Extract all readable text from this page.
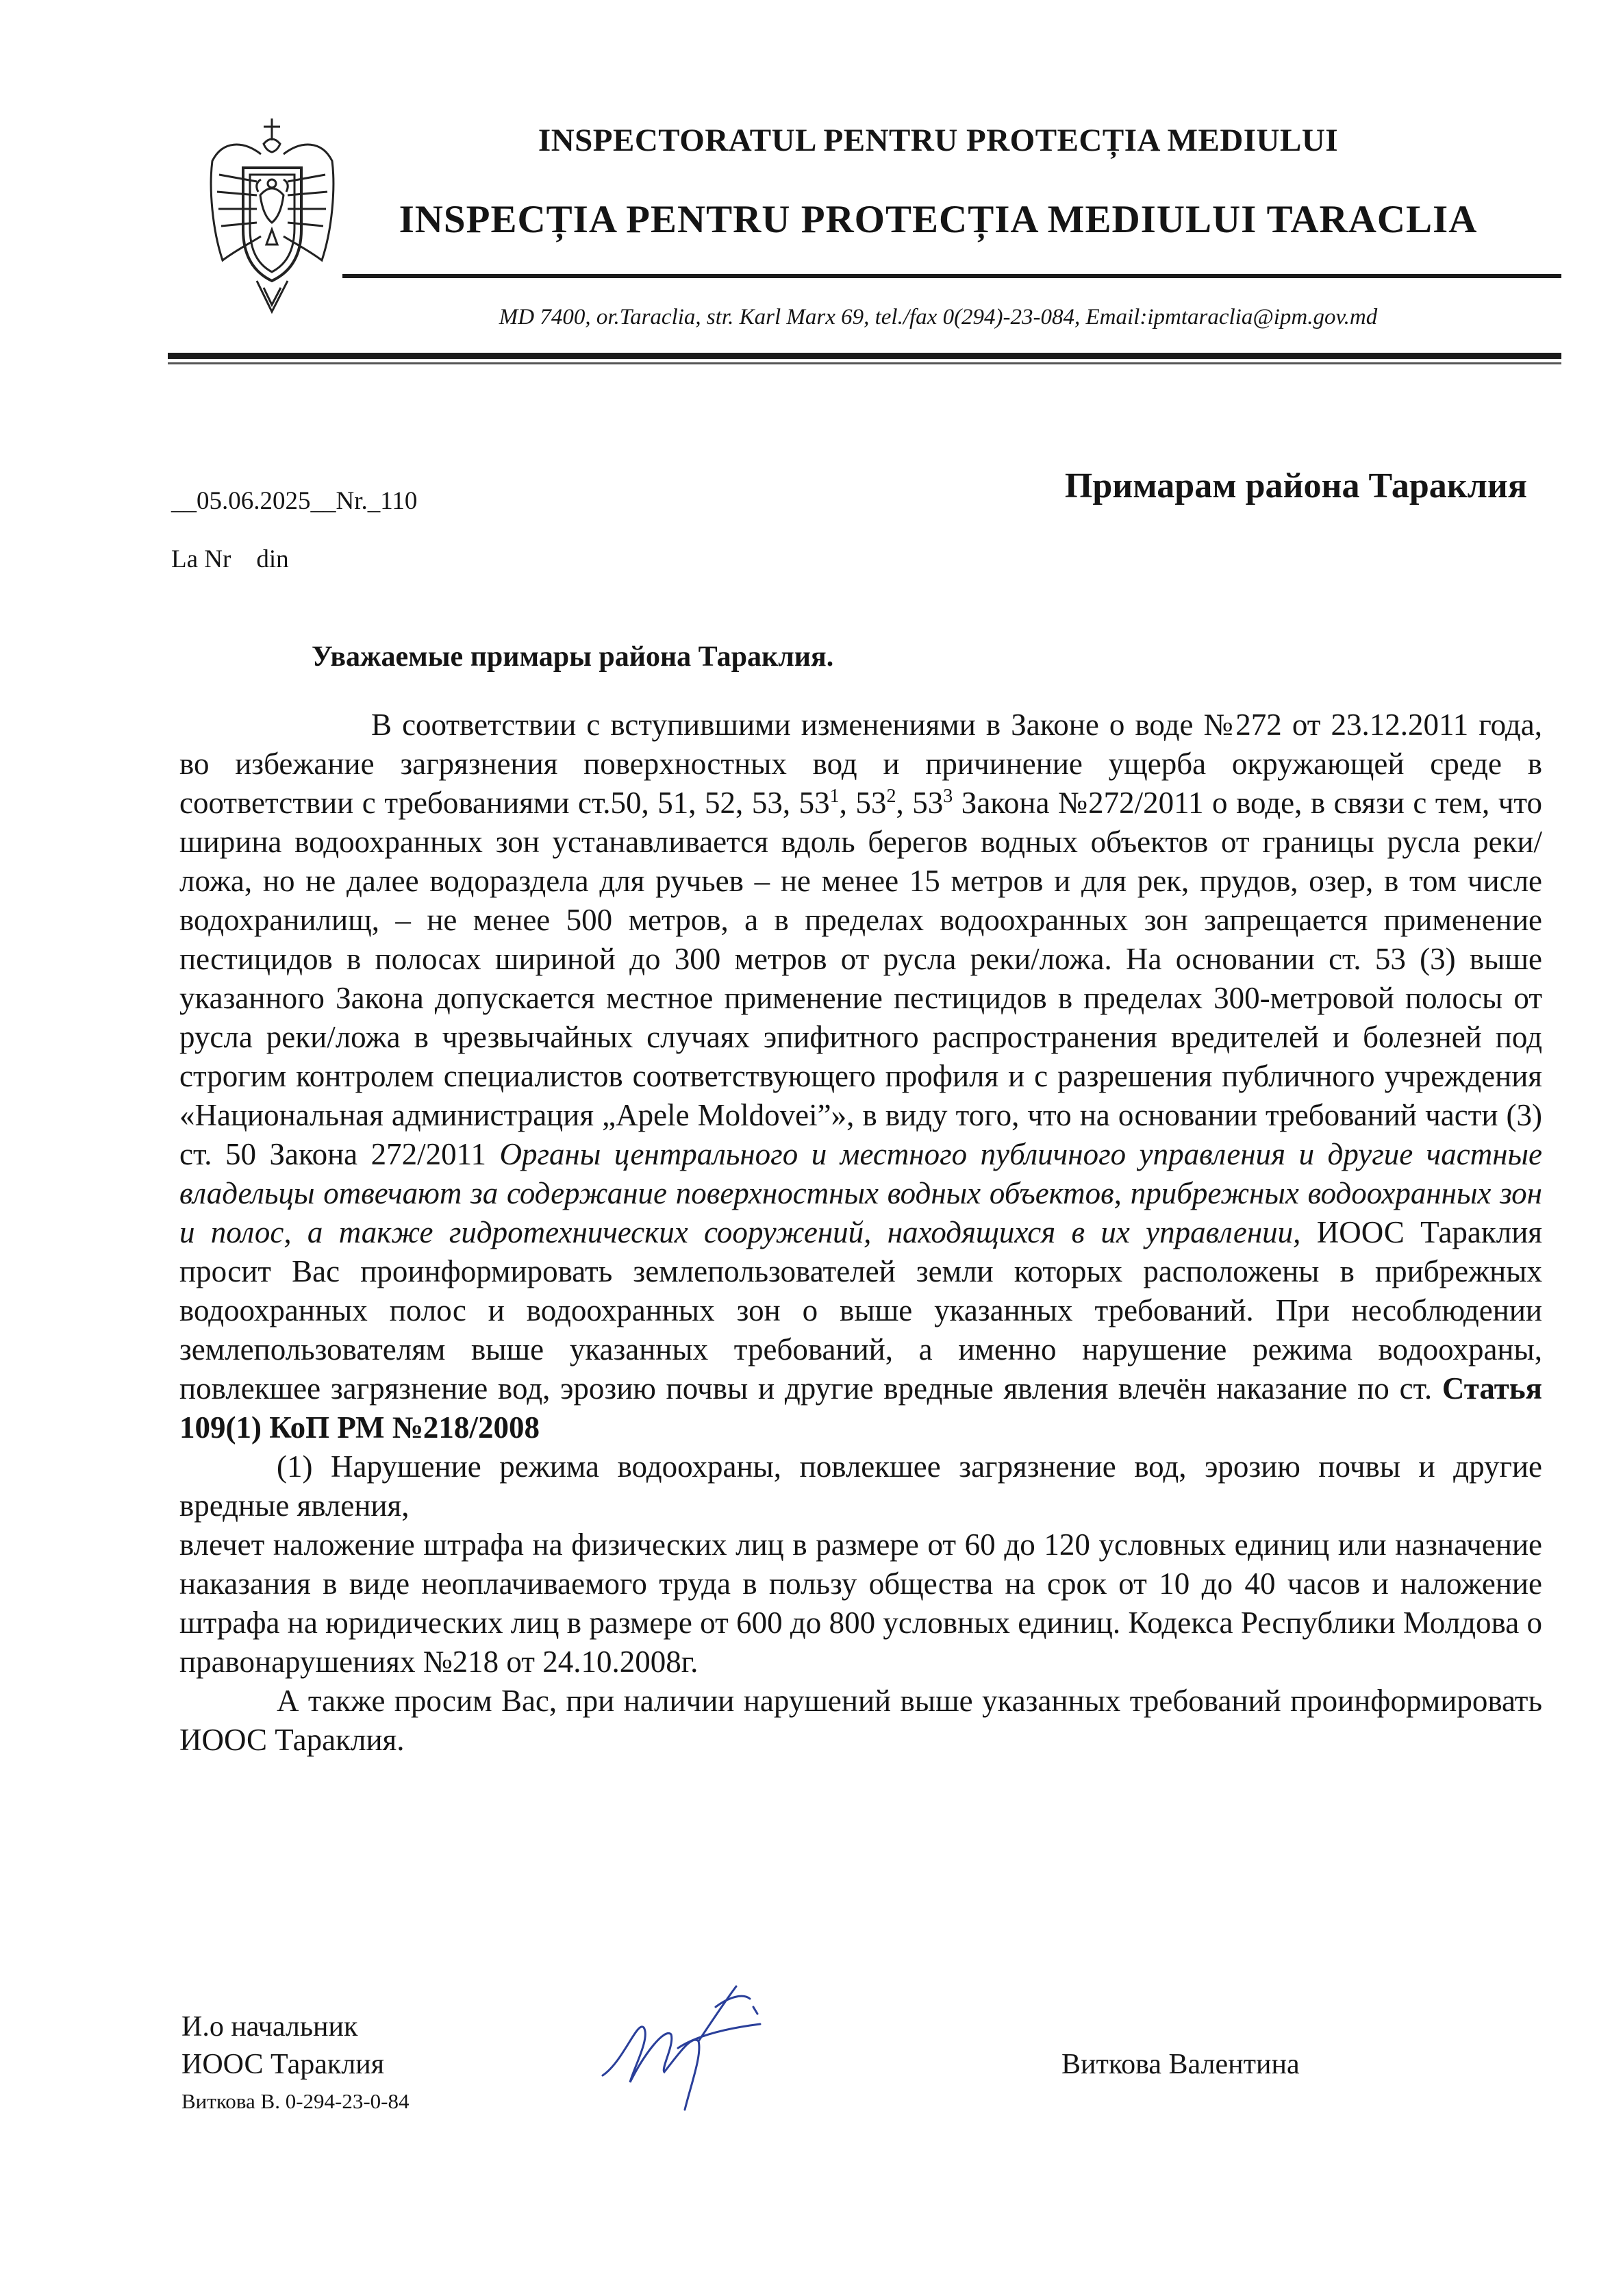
INSPECTORATUL PENTRU PROTECȚIA MEDIULUI
INSPECȚIA PENTRU PROTECȚIA MEDIULUI TARACLIA
MD 7400, or.Taraclia, str. Karl Marx 69, tel./fax 0(294)-23-084, Email:ipmtaraclia@ipm.gov.md
__05.06.2025__Nr._110	Примарам района Тараклия
La Nr    din
Уважаемые примары района Тараклия.

В соответствии с вступившими изменениями в Законе о воде №272 от 23.12.2011 года, во избежание загрязнения поверхностных вод и причинение ущерба окружающей среде в соответствии с требованиями ст.50, 51, 52, 53, $53^1$, $53^2$, $53^3$ Закона №272/2011 о воде, в связи с тем, что ширина водоохранных зон устанавливается вдоль берегов водных объектов от границы русла реки/ложа, но не далее водораздела для ручьев – не менее 15 метров и для рек, прудов, озер, в том числе водохранилищ, – не менее 500 метров, а в пределах водоохранных зон запрещается применение пестицидов в полосах шириной до 300 метров от русла реки/ложа. На основании ст. 53 (3) выше указанного Закона допускается местное применение пестицидов в пределах 300-метровой полосы от русла реки/ложа в чрезвычайных случаях эпифитного распространения вредителей и болезней под строгим контролем специалистов соответствующего профиля и с разрешения публичного учреждения «Национальная администрация „Apele Moldovei”», в виду того, что на основании требований части (3) ст. 50 Закона 272/2011 Органы центрального и местного публичного управления и другие частные владельцы отвечают за содержание поверхностных водных объектов, прибрежных водоохранных зон и полос, а также гидротехнических сооружений, находящихся в их управлении, ИООС Тараклия просит Вас проинформировать землепользователей земли которых расположены в прибрежных водоохранных полос и водоохранных зон о выше указанных требований. При несоблюдении землепользователям выше указанных требований, а именно нарушение режима водоохраны, повлекшее загрязнение вод, эрозию почвы и другие вредные явления влечён наказание по ст. Статья 109(1) КоП РМ №218/2008

(1) Нарушение режима водоохраны, повлекшее загрязнение вод, эрозию почвы и другие вредные явления,

влечет наложение штрафа на физических лиц в размере от 60 до 120 условных единиц или назначение наказания в виде неоплачиваемого труда в пользу общества на срок от 10 до 40 часов и наложение штрафа на юридических лиц в размере от 600 до 800 условных единиц. Кодекса Республики Молдова о правонарушениях №218 от 24.10.2008г.

А также просим Вас, при наличии нарушений выше указанных требований проинформировать ИООС Тараклия.

И.о начальник
ИООС Тараклия
Виткова В. 0-294-23-0-84
Виткова Валентина
